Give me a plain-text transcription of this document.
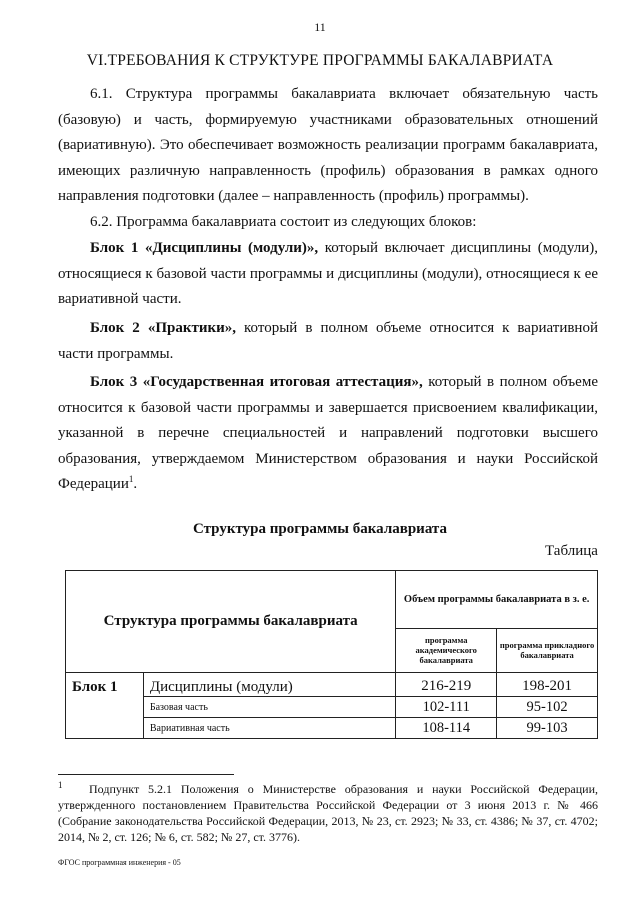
11
VI.ТРЕБОВАНИЯ К СТРУКТУРЕ ПРОГРАММЫ БАКАЛАВРИАТА
6.1. Структура программы бакалавриата включает обязательную часть (базовую) и часть, формируемую участниками образовательных отношений (вариативную). Это обеспечивает возможность реализации программ бакалавриата, имеющих различную направленность (профиль) образования в рамках одного направления подготовки (далее – направленность (профиль) программы).
6.2. Программа бакалавриата состоит из следующих блоков:
Блок 1 «Дисциплины (модули)», который включает дисциплины (модули), относящиеся к базовой части программы и дисциплины (модули), относящиеся к ее вариативной части.
Блок 2 «Практики», который в полном объеме относится к вариативной части программы.
Блок 3 «Государственная итоговая аттестация», который в полном объеме относится к базовой части программы и завершается присвоением квалификации, указанной в перечне специальностей и направлений подготовки высшего образования, утверждаемом Министерством образования и науки Российской Федерации$^1$.
Структура программы бакалавриата
Таблица
Структура программы бакалавриата		Объем программы бакалавриата в з. е.	
		программа академического бакалавриата	программа прикладного бакалавриата
Блок 1	Дисциплины (модули)	216-219	198-201
	Базовая часть	102-111	95-102
	Вариативная часть	108-114	99-103
$^1$ Подпункт 5.2.1 Положения о Министерстве образования и науки Российской Федерации, утвержденного постановлением Правительства Российской Федерации от 3 июня 2013 г. № 466 (Собрание законодательства Российской Федерации, 2013, № 23, ст. 2923; № 33, ст. 4386; № 37, ст. 4702; 2014, № 2, ст. 126; № 6, ст. 582; № 27, ст. 3776).
ФГОС программная инженерия - 05
